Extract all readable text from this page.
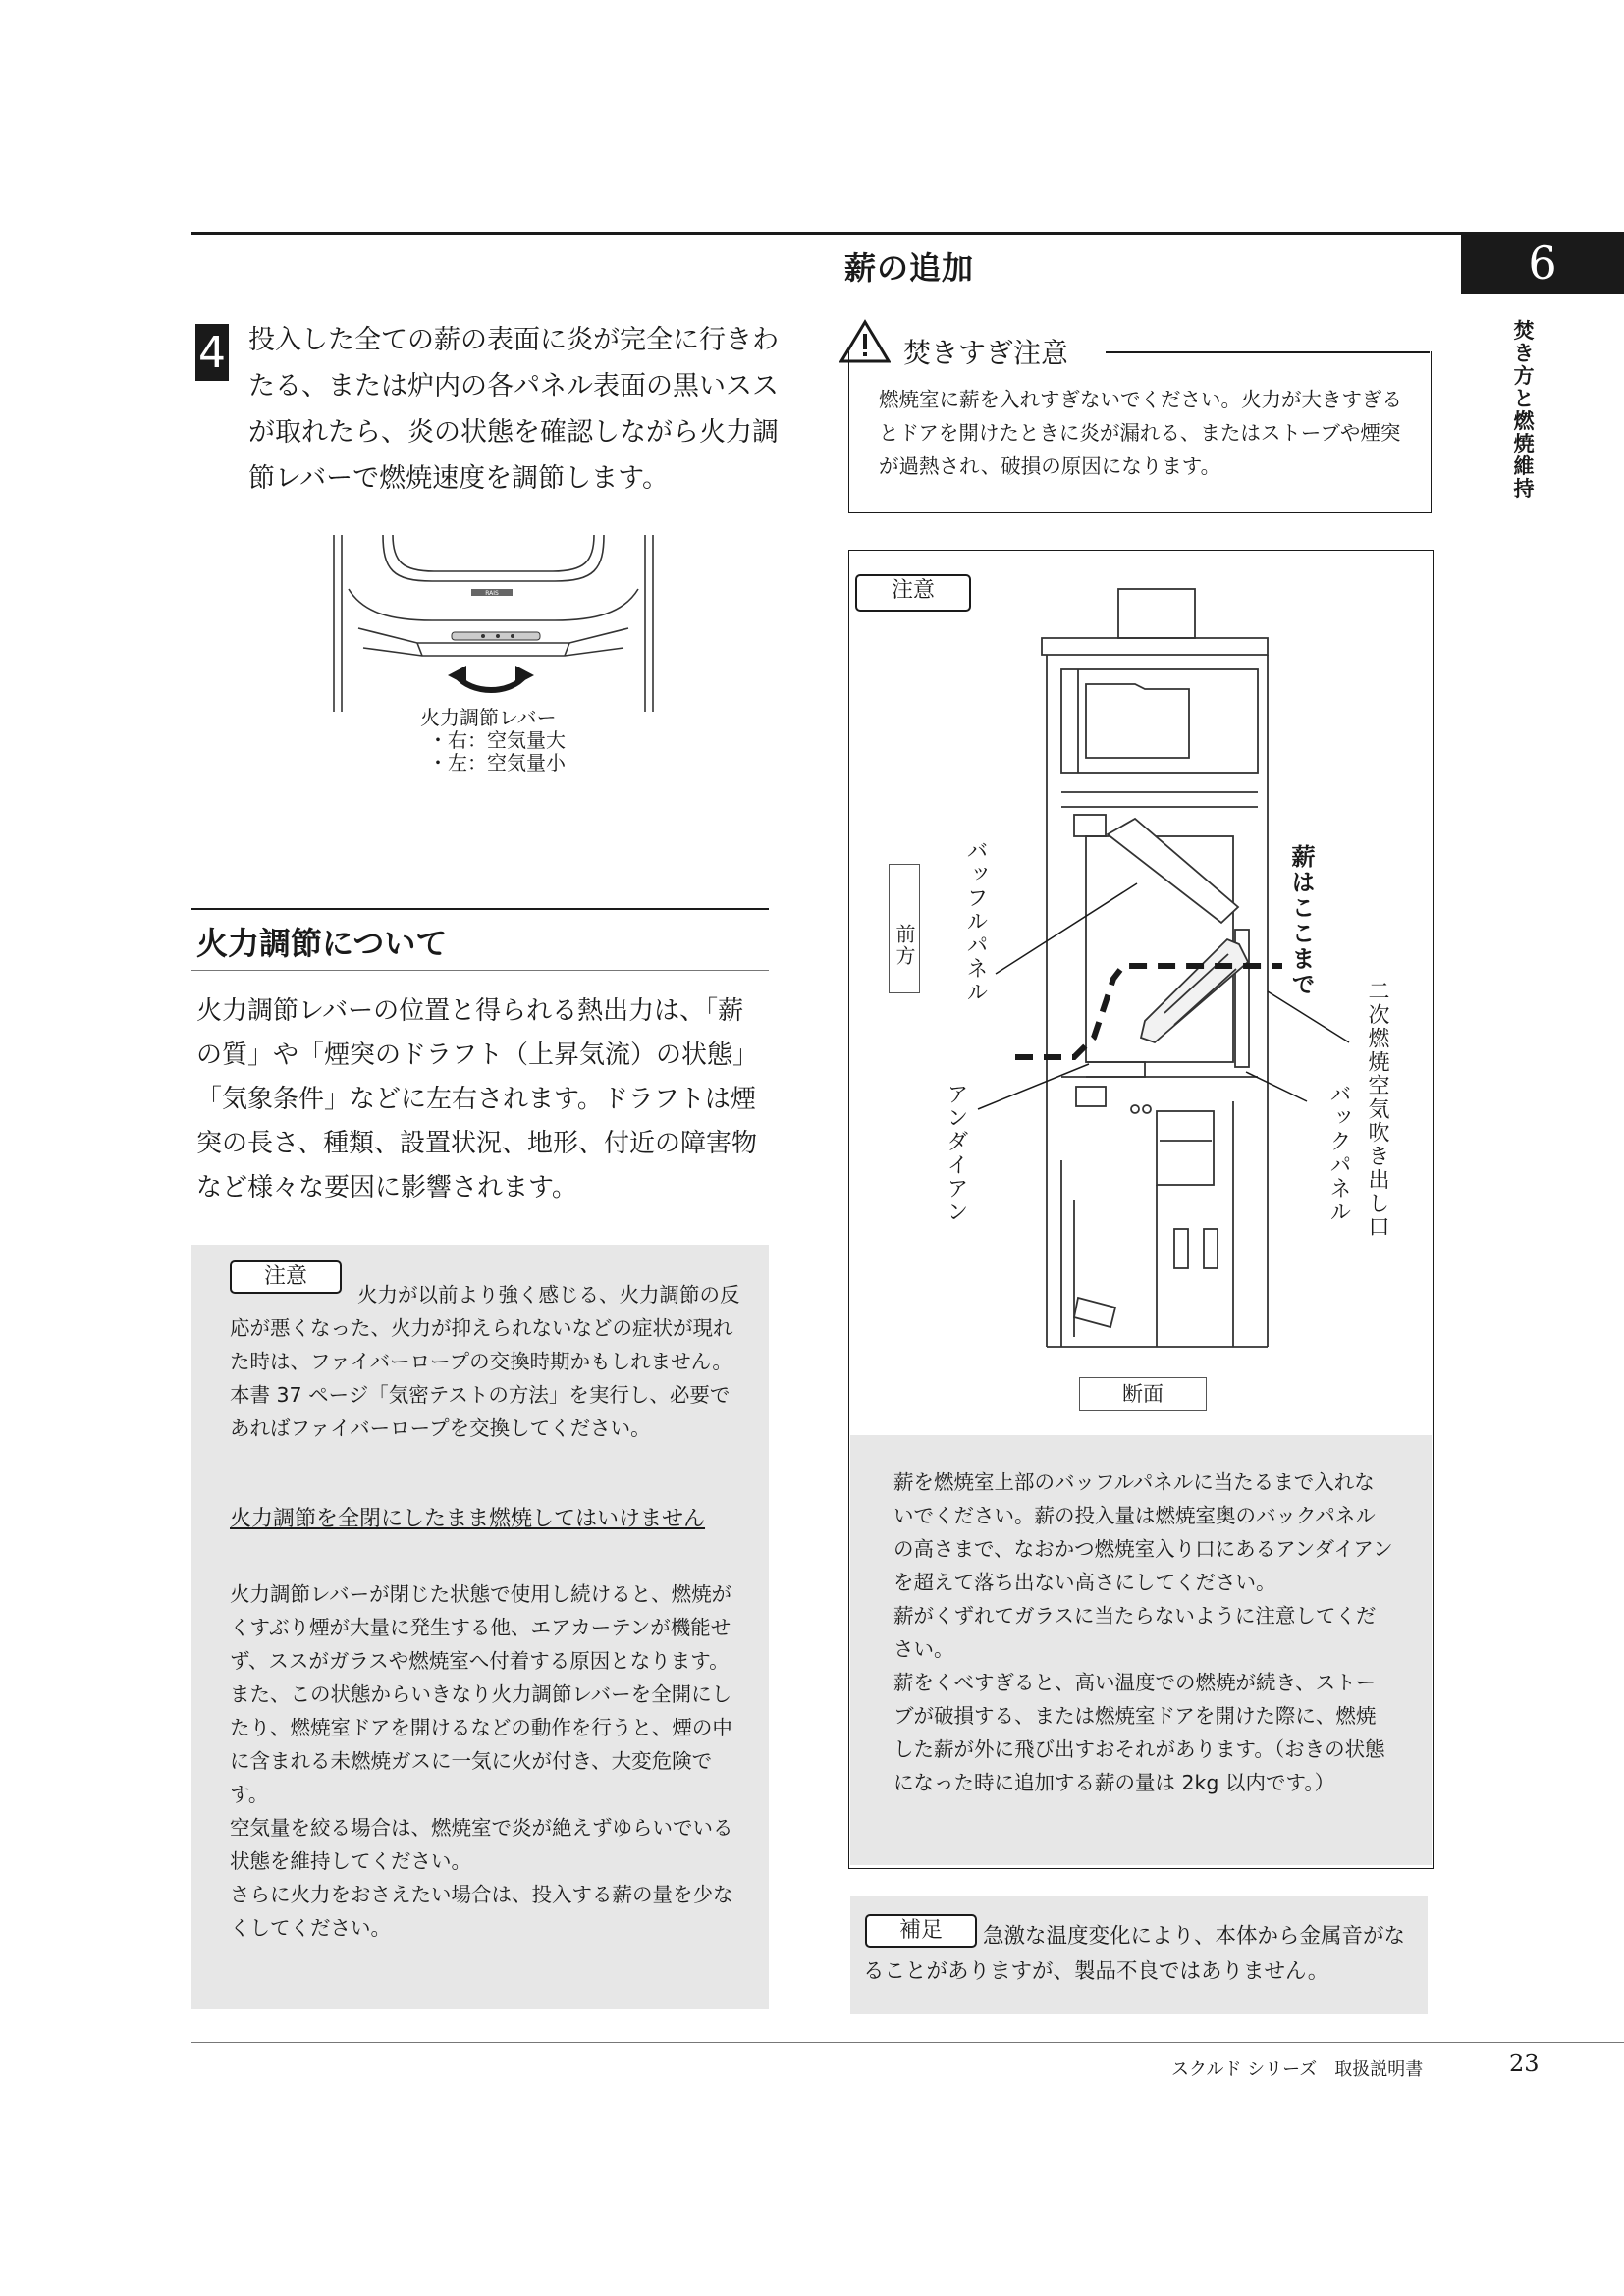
薪の追加	6
焚き方と燃焼維持
4 投入した全ての薪の表面に炎が完全に行きわたる、または炉内の各パネル表面の黒いススが取れたら、炎の状態を確認しながら火力調節レバーで燃焼速度を調節します。
RAIS
火力調節レバー
・右：空気量大
・左：空気量小
火力調節について
火力調節レバーの位置と得られる熱出力は、「薪の質」や「煙突のドラフト（上昇気流）の状態」「気象条件」などに左右されます。ドラフトは煙突の長さ、種類、設置状況、地形、付近の障害物など様々な要因に影響されます。
注意
火力が以前より強く感じる、火力調節の反応が悪くなった、火力が抑えられないなどの症状が現れた時は、ファイバーロープの交換時期かもしれません。本書 37 ページ「気密テストの方法」を実行し、必要であればファイバーロープを交換してください。
火力調節を全閉にしたまま燃焼してはいけません
火力調節レバーが閉じた状態で使用し続けると、燃焼がくすぶり煙が大量に発生する他、エアカーテンが機能せず、ススがガラスや燃焼室へ付着する原因となります。
また、この状態からいきなり火力調節レバーを全開にしたり、燃焼室ドアを開けるなどの動作を行うと、煙の中に含まれる未燃焼ガスに一気に火が付き、大変危険です。
空気量を絞る場合は、燃焼室で炎が絶えずゆらいでいる状態を維持してください。
さらに火力をおさえたい場合は、投入する薪の量を少なくしてください。
焚きすぎ注意
燃焼室に薪を入れすぎないでください。火力が大きすぎるとドアを開けたときに炎が漏れる、またはストーブや煙突が過熱され、破損の原因になります。
注意
前方 バッフルパネル	薪はここまで
二次燃焼空気吹き出し口
バックパネル
アンダイアン
断面
薪を燃焼室上部のバッフルパネルに当たるまで入れないでください。薪の投入量は燃焼室奥のバックパネルの高さまで、なおかつ燃焼室入り口にあるアンダイアンを超えて落ち出ない高さにしてください。
薪がくずれてガラスに当たらないように注意してください。
薪をくべすぎると、高い温度での燃焼が続き、ストーブが破損する、または燃焼室ドアを開けた際に、燃焼した薪が外に飛び出すおそれがあります。（おきの状態になった時に追加する薪の量は 2kg 以内です。）
補足	急激な温度変化により、本体から金属音がなることがありますが、製品不良ではありません。
スクルド シリーズ　取扱説明書	23
